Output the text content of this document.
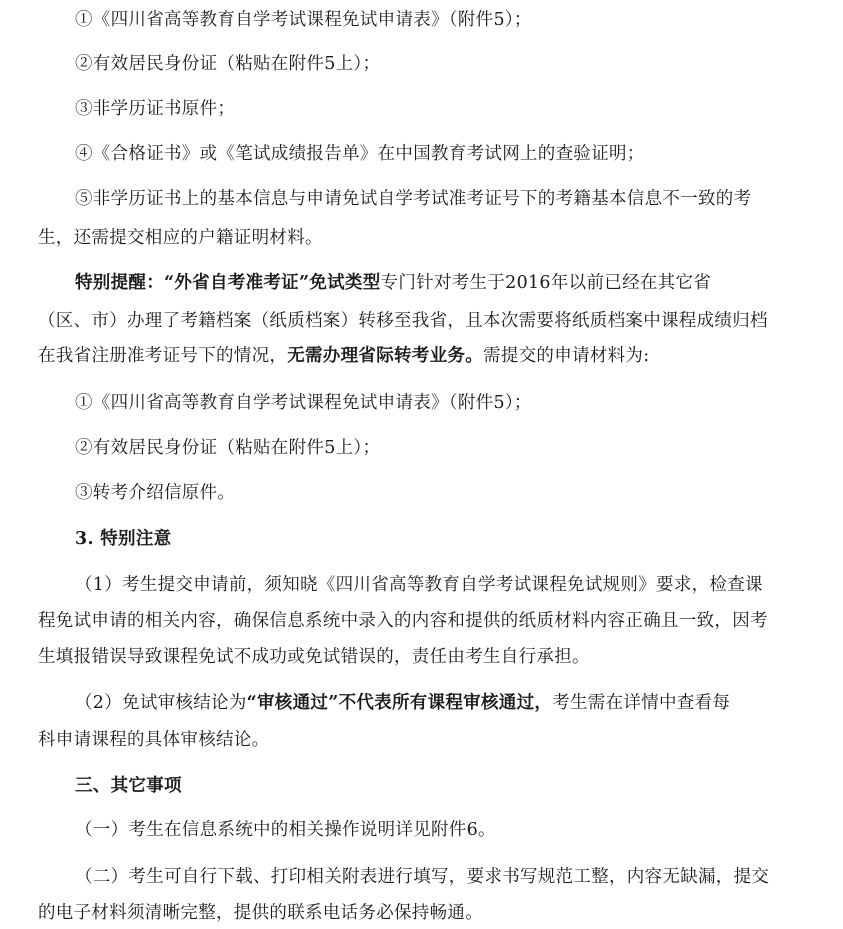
①《四川省高等教育自学考试课程免试申请表》（附件5）；
②有效居民身份证（粘贴在附件5上）；
③非学历证书原件；
④《合格证书》或《笔试成绩报告单》在中国教育考试网上的查验证明；
⑤非学历证书上的基本信息与申请免试自学考试准考证号下的考籍基本信息不一致的考
生，还需提交相应的户籍证明材料。
特别提醒：“外省自考准考证”免试类型专门针对考生于2016年以前已经在其它省
（区、市）办理了考籍档案（纸质档案）转移至我省，且本次需要将纸质档案中课程成绩归档
在我省注册准考证号下的情况，无需办理省际转考业务。需提交的申请材料为:
①《四川省高等教育自学考试课程免试申请表》（附件5）；
②有效居民身份证（粘贴在附件5上）；
③转考介绍信原件。
3. 特别注意
（1）考生提交申请前，须知晓《四川省高等教育自学考试课程免试规则》要求，检查课
程免试申请的相关内容，确保信息系统中录入的内容和提供的纸质材料内容正确且一致，因考
生填报错误导致课程免试不成功或免试错误的，责任由考生自行承担。
（2）免试审核结论为“审核通过”不代表所有课程审核通过，考生需在详情中查看每
科申请课程的具体审核结论。
三、其它事项
（一）考生在信息系统中的相关操作说明详见附件6。
（二）考生可自行下载、打印相关附表进行填写，要求书写规范工整，内容无缺漏，提交
的电子材料须清晰完整，提供的联系电话务必保持畅通。
